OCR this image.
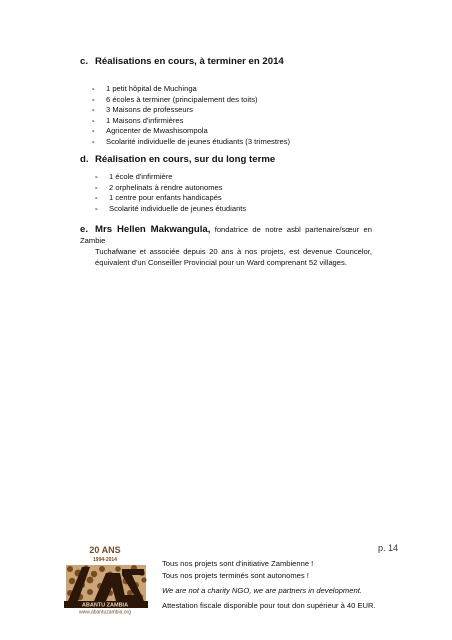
c. Réalisations en cours, à terminer en 2014
- 1 petit hôpital de Muchinga
- 6 écoles à terminer (principalement des toits)
- 3 Maisons de professeurs
- 1 Maisons d'infirmières
- Agricenter de Mwashisompola
- Scolarité individuelle de jeunes étudiants (3 trimestres)
d. Réalisation en cours, sur du long terme
- 1 école d'infirmière
- 2 orphelinats à rendre autonomes
- 1 centre pour enfants handicapés
- Scolarité individuelle de jeunes étudiants
e. Mrs Hellen Makwangula, fondatrice de notre asbl partenaire/sœur en Zambie
Tuchafwane et associée depuis 20 ans à nos projets, est devenue Councelor, équivalent d'un Conseiller Provincial pour un Ward comprenant 52 villages.
p. 14
20 ANS
1994-2014
ABANTU ZAMBIA
www.abantuzambia.org
Tous nos projets sont d'initiative Zambienne !
Tous nos projets terminés sont autonomes !
We are not a charity NGO, we are partners in development.
Attestation fiscale disponible pour tout don supérieur à 40 EUR.
